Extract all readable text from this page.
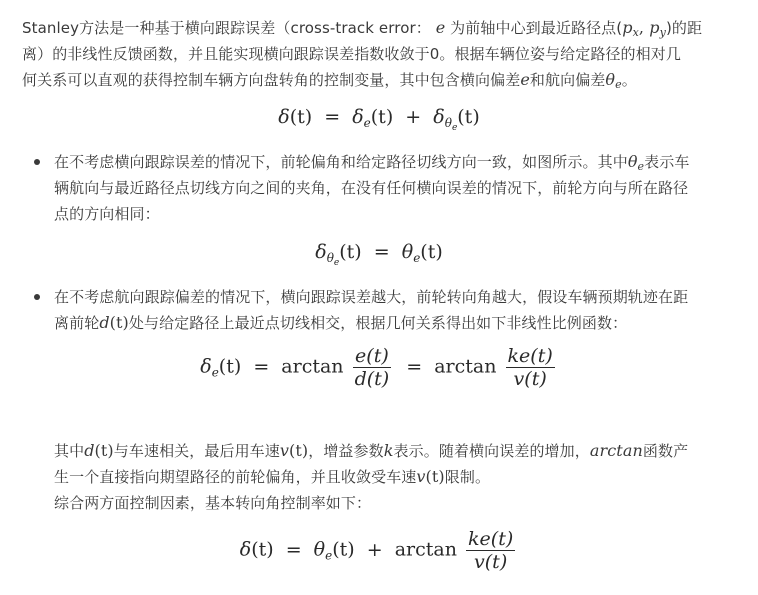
Stanley方法是一种基于横向跟踪误差（cross-track error： e 为前轴中心到最近路径点($p_x$, $p_y$)的距
离）的非线性反馈函数，并且能实现横向跟踪误差指数收敛于0。根据车辆位姿与给定路径的相对几
何关系可以直观的获得控制车辆方向盘转角的控制变量，其中包含横向偏差e和航向偏差$\theta_e$。
$\delta(t) = \delta_e(t) + \delta_{\theta_e}(t)$
在不考虑横向跟踪误差的情况下，前轮偏角和给定路径切线方向一致，如图所示。其中$\theta_e$表示车
辆航向与最近路径点切线方向之间的夹角，在没有任何横向误差的情况下，前轮方向与所在路径
点的方向相同：
$\delta_{\theta_e}(t) = \theta_e(t)$
在不考虑航向跟踪偏差的情况下，横向跟踪误差越大，前轮转向角越大，假设车辆预期轨迹在距
离前轮d(t)处与给定路径上最近点切线相交，根据几何关系得出如下非线性比例函数：
$\delta_e(t) = \arctan \frac{e(t)}{d(t)} = \arctan \frac{ke(t)}{v(t)}$
其中d(t)与车速相关，最后用车速v(t)，增益参数k表示。随着横向误差的增加，arctan函数产
生一个直接指向期望路径的前轮偏角，并且收敛受车速v(t)限制。
综合两方面控制因素，基本转向角控制率如下：
$\delta(t) = \theta_e(t) + \arctan \frac{ke(t)}{v(t)}$
